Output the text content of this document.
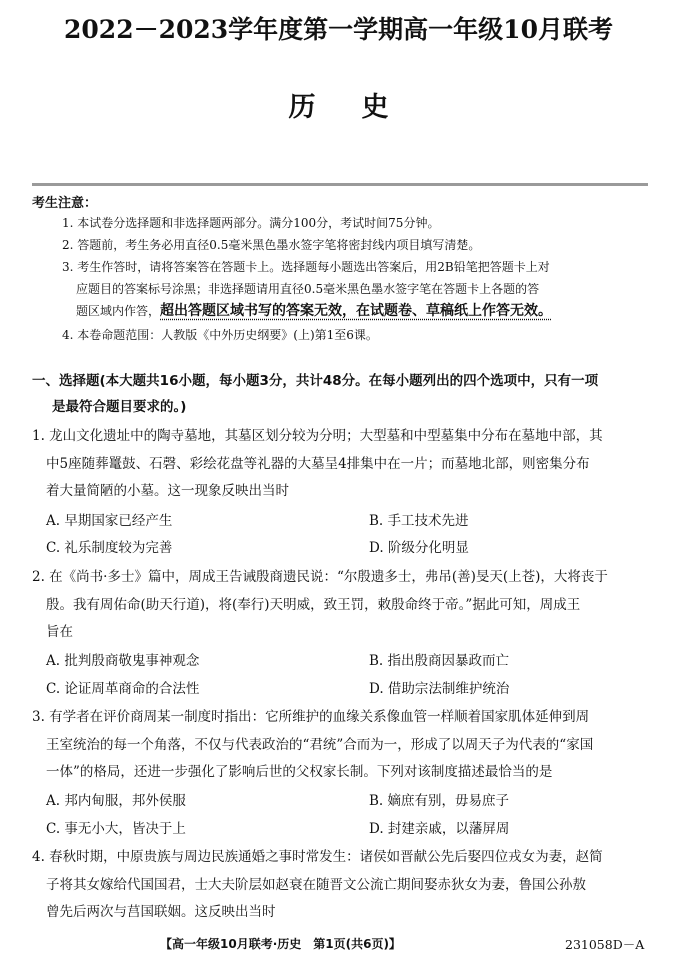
2022－2023学年度第一学期高一年级10月联考
历史
考生注意：
1. 本试卷分选择题和非选择题两部分。满分100分，考试时间75分钟。
2. 答题前，考生务必用直径0.5毫米黑色墨水签字笔将密封线内项目填写清楚。
3. 考生作答时，请将答案答在答题卡上。选择题每小题选出答案后，用2B铅笔把答题卡上对
应题目的答案标号涂黑；非选择题请用直径0.5毫米黑色墨水签字笔在答题卡上各题的答
题区域内作答，超出答题区域书写的答案无效，在试题卷、草稿纸上作答无效。
4. 本卷命题范围：人教版《中外历史纲要》(上)第1至6课。
一、选择题(本大题共16小题，每小题3分，共计48分。在每小题列出的四个选项中，只有一项
是最符合题目要求的。)
1. 龙山文化遗址中的陶寺墓地，其墓区划分较为分明；大型墓和中型墓集中分布在墓地中部，其
中5座随葬鼍鼓、石磬、彩绘花盘等礼器的大墓呈4排集中在一片；而墓地北部，则密集分布
着大量简陋的小墓。这一现象反映出当时
A. 早期国家已经产生	B. 手工技术先进
C. 礼乐制度较为完善	D. 阶级分化明显
2. 在《尚书·多士》篇中，周成王告诫殷商遗民说：“尔殷遗多士，弗吊(善)旻天(上苍)，大将丧于
殷。我有周佑命(助天行道)，将(奉行)天明威，致王罚，敕殷命终于帝。”据此可知，周成王
旨在
A. 批判殷商敬鬼事神观念	B. 指出殷商因暴政而亡
C. 论证周革商命的合法性	D. 借助宗法制维护统治
3. 有学者在评价商周某一制度时指出：它所维护的血缘关系像血管一样顺着国家肌体延伸到周
王室统治的每一个角落，不仅与代表政治的“君统”合而为一，形成了以周天子为代表的“家国
一体”的格局，还进一步强化了影响后世的父权家长制。下列对该制度描述最恰当的是
A. 邦内甸服，邦外侯服	B. 嫡庶有别，毋易庶子
C. 事无小大，皆决于上	D. 封建亲戚，以藩屏周
4. 春秋时期，中原贵族与周边民族通婚之事时常发生：诸侯如晋献公先后娶四位戎女为妻，赵简
子将其女嫁给代国国君，士大夫阶层如赵衰在随晋文公流亡期间娶赤狄女为妻，鲁国公孙敖
曾先后两次与莒国联姻。这反映出当时
【高一年级10月联考·历史　第1页(共6页)】	231058D－A
